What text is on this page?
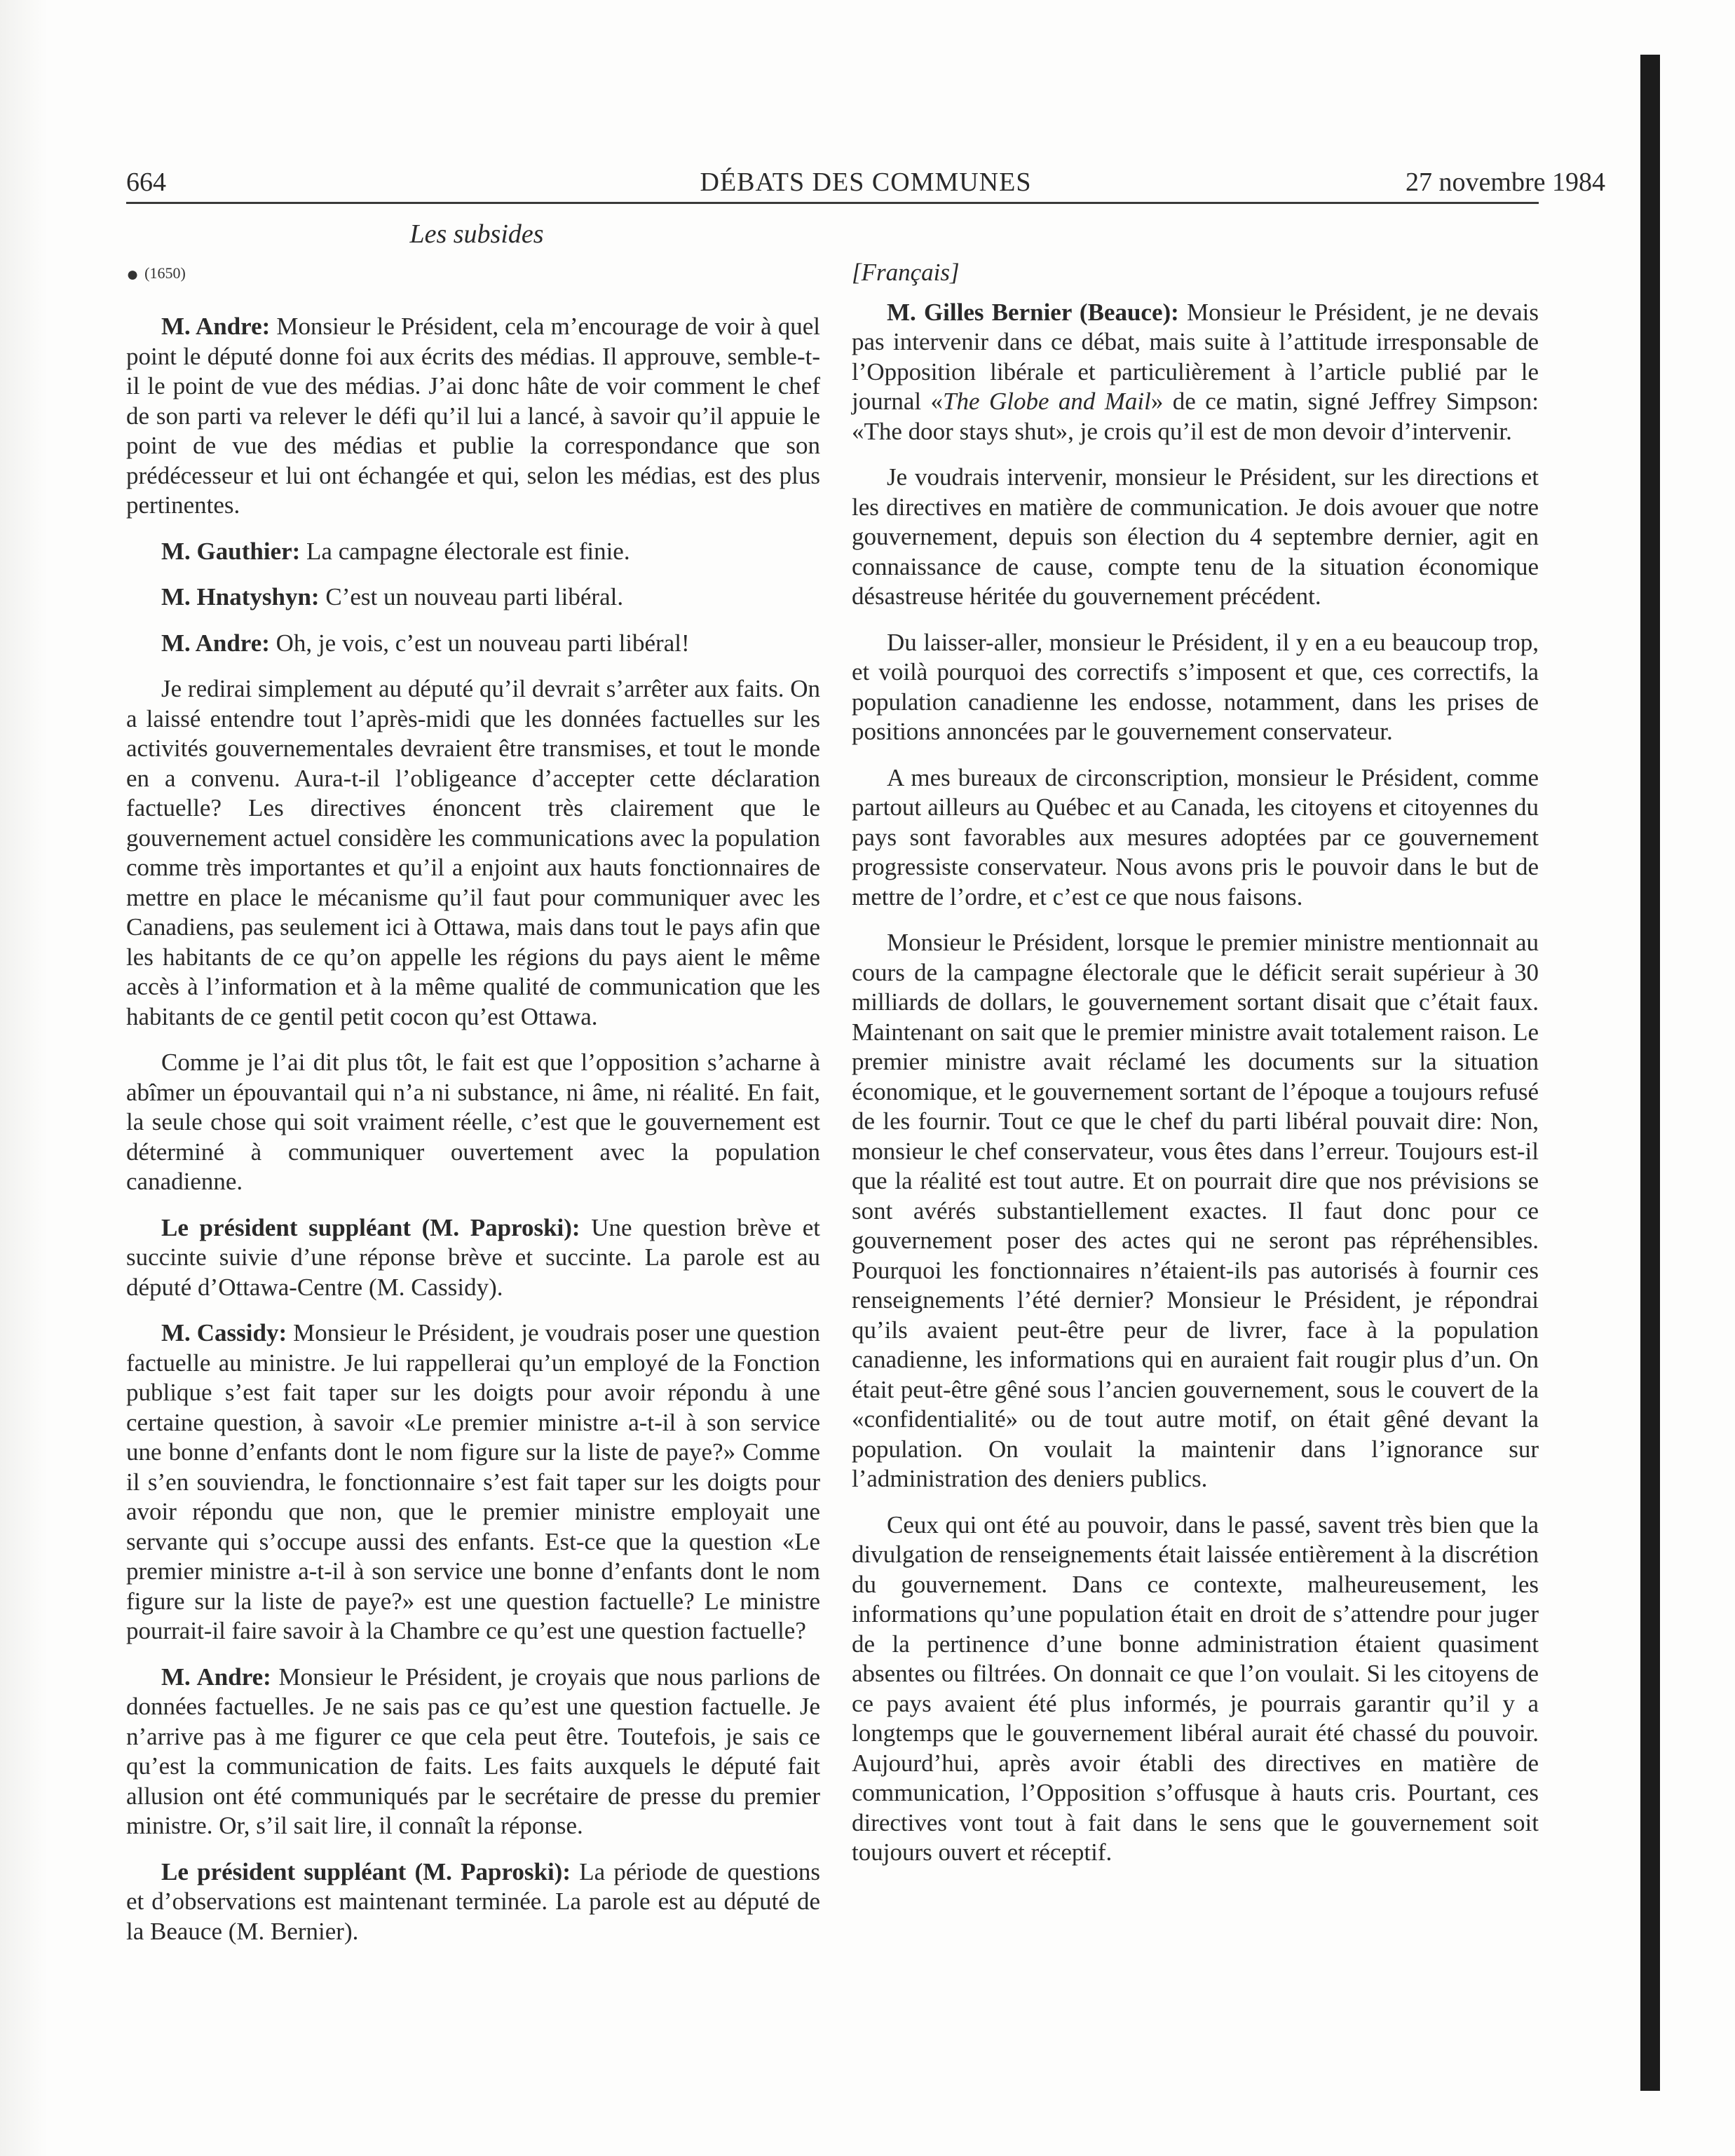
664	DÉBATS DES COMMUNES	27 novembre 1984
Les subsides
● (1650)

M. Andre: Monsieur le Président, cela m’encourage de voir à quel point le député donne foi aux écrits des médias. Il approuve, semble-t-il le point de vue des médias. J’ai donc hâte de voir comment le chef de son parti va relever le défi qu’il lui a lancé, à savoir qu’il appuie le point de vue des médias et publie la correspondance que son prédécesseur et lui ont échangée et qui, selon les médias, est des plus pertinentes.

M. Gauthier: La campagne électorale est finie.

M. Hnatyshyn: C’est un nouveau parti libéral.

M. Andre: Oh, je vois, c’est un nouveau parti libéral!

Je redirai simplement au député qu’il devrait s’arrêter aux faits. On a laissé entendre tout l’après-midi que les données factuelles sur les activités gouvernementales devraient être transmises, et tout le monde en a convenu. Aura-t-il l’obligeance d’accepter cette déclaration factuelle? Les directives énoncent très clairement que le gouvernement actuel considère les communications avec la population comme très importantes et qu’il a enjoint aux hauts fonctionnaires de mettre en place le mécanisme qu’il faut pour communiquer avec les Canadiens, pas seulement ici à Ottawa, mais dans tout le pays afin que les habitants de ce qu’on appelle les régions du pays aient le même accès à l’information et à la même qualité de communication que les habitants de ce gentil petit cocon qu’est Ottawa.

Comme je l’ai dit plus tôt, le fait est que l’opposition s’acharne à abîmer un épouvantail qui n’a ni substance, ni âme, ni réalité. En fait, la seule chose qui soit vraiment réelle, c’est que le gouvernement est déterminé à communiquer ouvertement avec la population canadienne.

Le président suppléant (M. Paproski): Une question brève et succinte suivie d’une réponse brève et succinte. La parole est au député d’Ottawa-Centre (M. Cassidy).

M. Cassidy: Monsieur le Président, je voudrais poser une question factuelle au ministre. Je lui rappellerai qu’un employé de la Fonction publique s’est fait taper sur les doigts pour avoir répondu à une certaine question, à savoir «Le premier ministre a-t-il à son service une bonne d’enfants dont le nom figure sur la liste de paye?» Comme il s’en souviendra, le fonctionnaire s’est fait taper sur les doigts pour avoir répondu que non, que le premier ministre employait une servante qui s’occupe aussi des enfants. Est-ce que la question «Le premier ministre a-t-il à son service une bonne d’enfants dont le nom figure sur la liste de paye?» est une question factuelle? Le ministre pourrait-il faire savoir à la Chambre ce qu’est une question factuelle?

M. Andre: Monsieur le Président, je croyais que nous parlions de données factuelles. Je ne sais pas ce qu’est une question factuelle. Je n’arrive pas à me figurer ce que cela peut être. Toutefois, je sais ce qu’est la communication de faits. Les faits auxquels le député fait allusion ont été communiqués par le secrétaire de presse du premier ministre. Or, s’il sait lire, il connaît la réponse.

Le président suppléant (M. Paproski): La période de questions et d’observations est maintenant terminée. La parole est au député de la Beauce (M. Bernier).

[Français]

M. Gilles Bernier (Beauce): Monsieur le Président, je ne devais pas intervenir dans ce débat, mais suite à l’attitude irresponsable de l’Opposition libérale et particulièrement à l’article publié par le journal «The Globe and Mail» de ce matin, signé Jeffrey Simpson: «The door stays shut», je crois qu’il est de mon devoir d’intervenir.

Je voudrais intervenir, monsieur le Président, sur les directions et les directives en matière de communication. Je dois avouer que notre gouvernement, depuis son élection du 4 septembre dernier, agit en connaissance de cause, compte tenu de la situation économique désastreuse héritée du gouvernement précédent.

Du laisser-aller, monsieur le Président, il y en a eu beaucoup trop, et voilà pourquoi des correctifs s’imposent et que, ces correctifs, la population canadienne les endosse, notamment, dans les prises de positions annoncées par le gouvernement conservateur.

A mes bureaux de circonscription, monsieur le Président, comme partout ailleurs au Québec et au Canada, les citoyens et citoyennes du pays sont favorables aux mesures adoptées par ce gouvernement progressiste conservateur. Nous avons pris le pouvoir dans le but de mettre de l’ordre, et c’est ce que nous faisons.

Monsieur le Président, lorsque le premier ministre mentionnait au cours de la campagne électorale que le déficit serait supérieur à 30 milliards de dollars, le gouvernement sortant disait que c’était faux. Maintenant on sait que le premier ministre avait totalement raison. Le premier ministre avait réclamé les documents sur la situation économique, et le gouvernement sortant de l’époque a toujours refusé de les fournir. Tout ce que le chef du parti libéral pouvait dire: Non, monsieur le chef conservateur, vous êtes dans l’erreur. Toujours est-il que la réalité est tout autre. Et on pourrait dire que nos prévisions se sont avérés substantiellement exactes. Il faut donc pour ce gouvernement poser des actes qui ne seront pas répréhensibles. Pourquoi les fonctionnaires n’étaient-ils pas autorisés à fournir ces renseignements l’été dernier? Monsieur le Président, je répondrai qu’ils avaient peut-être peur de livrer, face à la population canadienne, les informations qui en auraient fait rougir plus d’un. On était peut-être gêné sous l’ancien gouvernement, sous le couvert de la «confidentialité» ou de tout autre motif, on était gêné devant la population. On voulait la maintenir dans l’ignorance sur l’administration des deniers publics.

Ceux qui ont été au pouvoir, dans le passé, savent très bien que la divulgation de renseignements était laissée entièrement à la discrétion du gouvernement. Dans ce contexte, malheureusement, les informations qu’une population était en droit de s’attendre pour juger de la pertinence d’une bonne administration étaient quasiment absentes ou filtrées. On donnait ce que l’on voulait. Si les citoyens de ce pays avaient été plus informés, je pourrais garantir qu’il y a longtemps que le gouvernement libéral aurait été chassé du pouvoir. Aujourd’hui, après avoir établi des directives en matière de communication, l’Opposition s’offusque à hauts cris. Pourtant, ces directives vont tout à fait dans le sens que le gouvernement soit toujours ouvert et réceptif.
